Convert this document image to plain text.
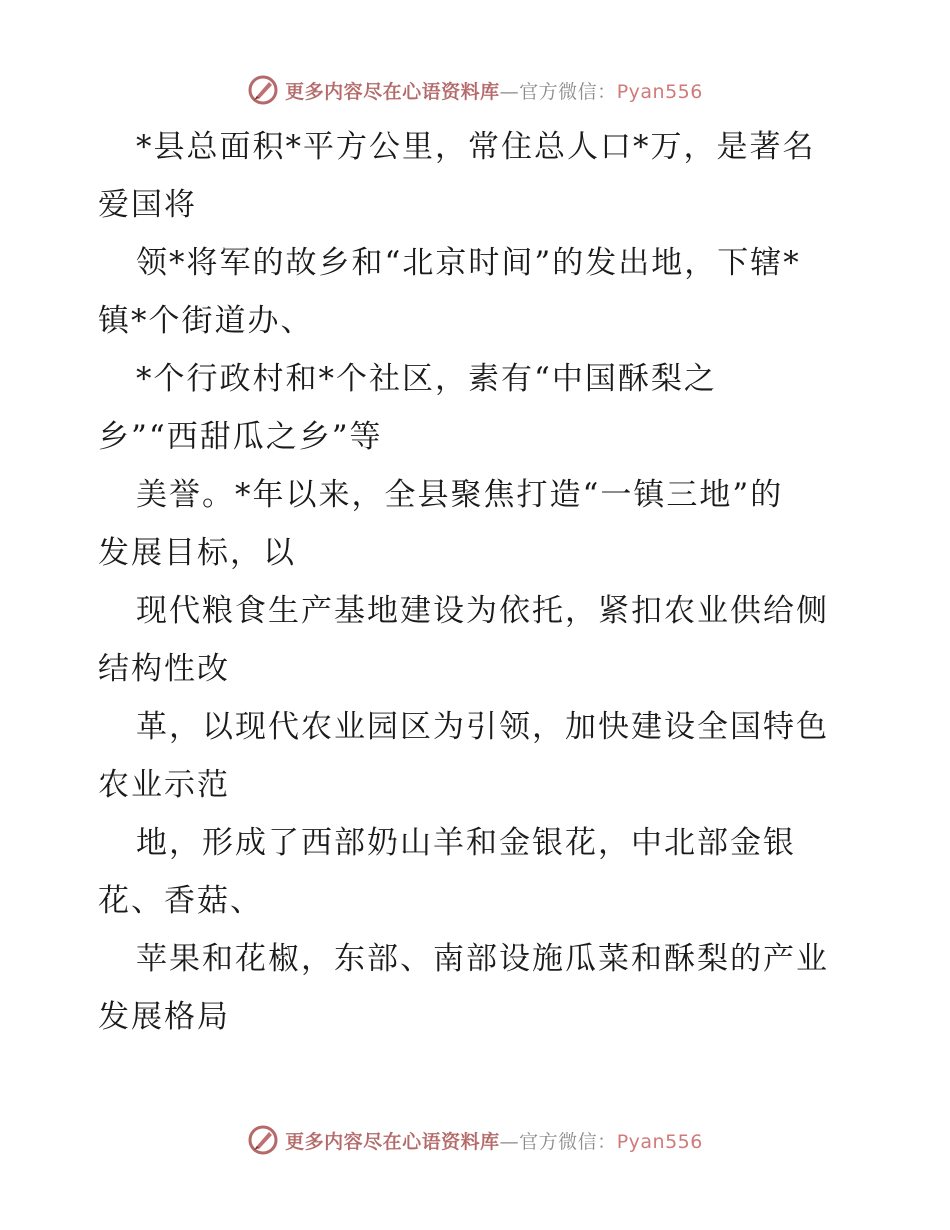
更多内容尽在心语资料库—官方微信：Pyan556
*县总面积*平方公里，常住总人口*万，是著名
爱国将
领*将军的故乡和“北京时间”的发出地，下辖*
镇*个街道办、
*个行政村和*个社区，素有“中国酥梨之
乡”“西甜瓜之乡”等
美誉。*年以来，全县聚焦打造“一镇三地”的
发展目标，以
现代粮食生产基地建设为依托，紧扣农业供给侧
结构性改
革，以现代农业园区为引领，加快建设全国特色
农业示范
地，形成了西部奶山羊和金银花，中北部金银
花、香菇、
苹果和花椒，东部、南部设施瓜菜和酥梨的产业
发展格局
更多内容尽在心语资料库—官方微信：Pyan556
